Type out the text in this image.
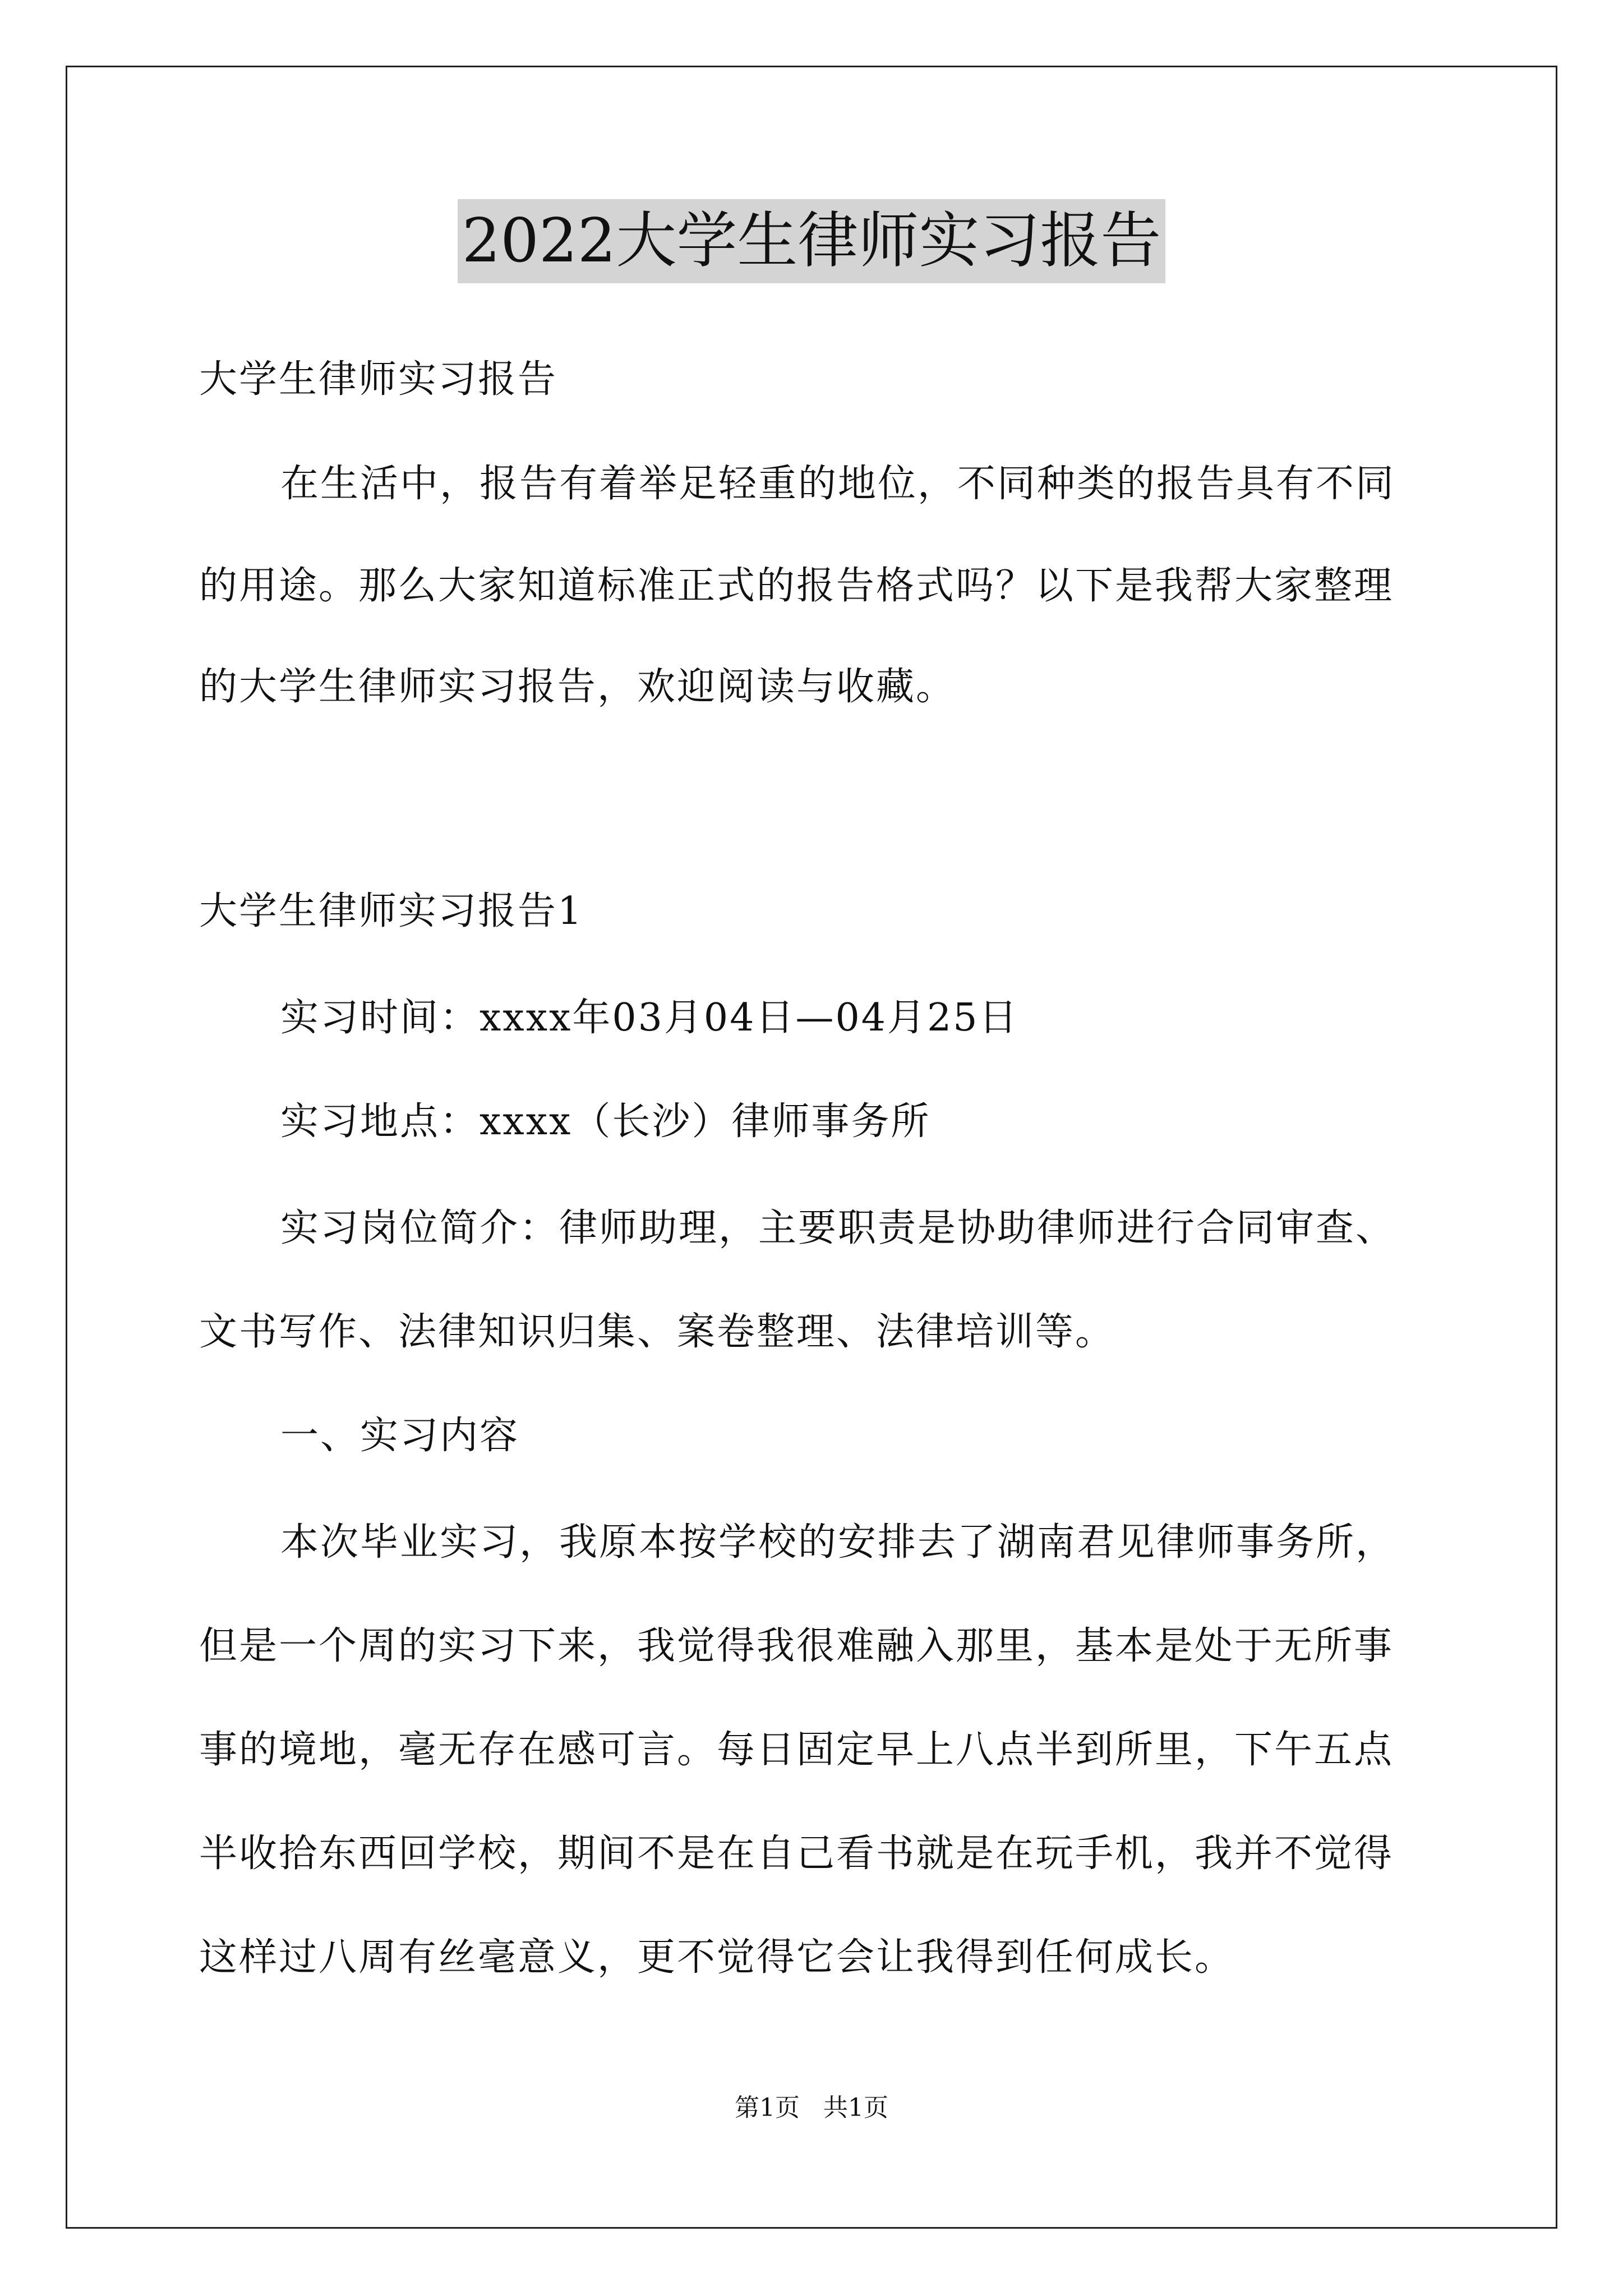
2022大学生律师实习报告
大学生律师实习报告
在生活中，报告有着举足轻重的地位，不同种类的报告具有不同
的用途。那么大家知道标准正式的报告格式吗？以下是我帮大家整理
的大学生律师实习报告，欢迎阅读与收藏。
大学生律师实习报告1
实习时间：xxxx年03月04日—04月25日
实习地点：xxxx（长沙）律师事务所
实习岗位简介：律师助理，主要职责是协助律师进行合同审查、
文书写作、法律知识归集、案卷整理、法律培训等。
一、实习内容
本次毕业实习，我原本按学校的安排去了湖南君见律师事务所，
但是一个周的实习下来，我觉得我很难融入那里，基本是处于无所事
事的境地，毫无存在感可言。每日固定早上八点半到所里，下午五点
半收拾东西回学校，期间不是在自己看书就是在玩手机，我并不觉得
这样过八周有丝毫意义，更不觉得它会让我得到任何成长。
第1页   共1页
